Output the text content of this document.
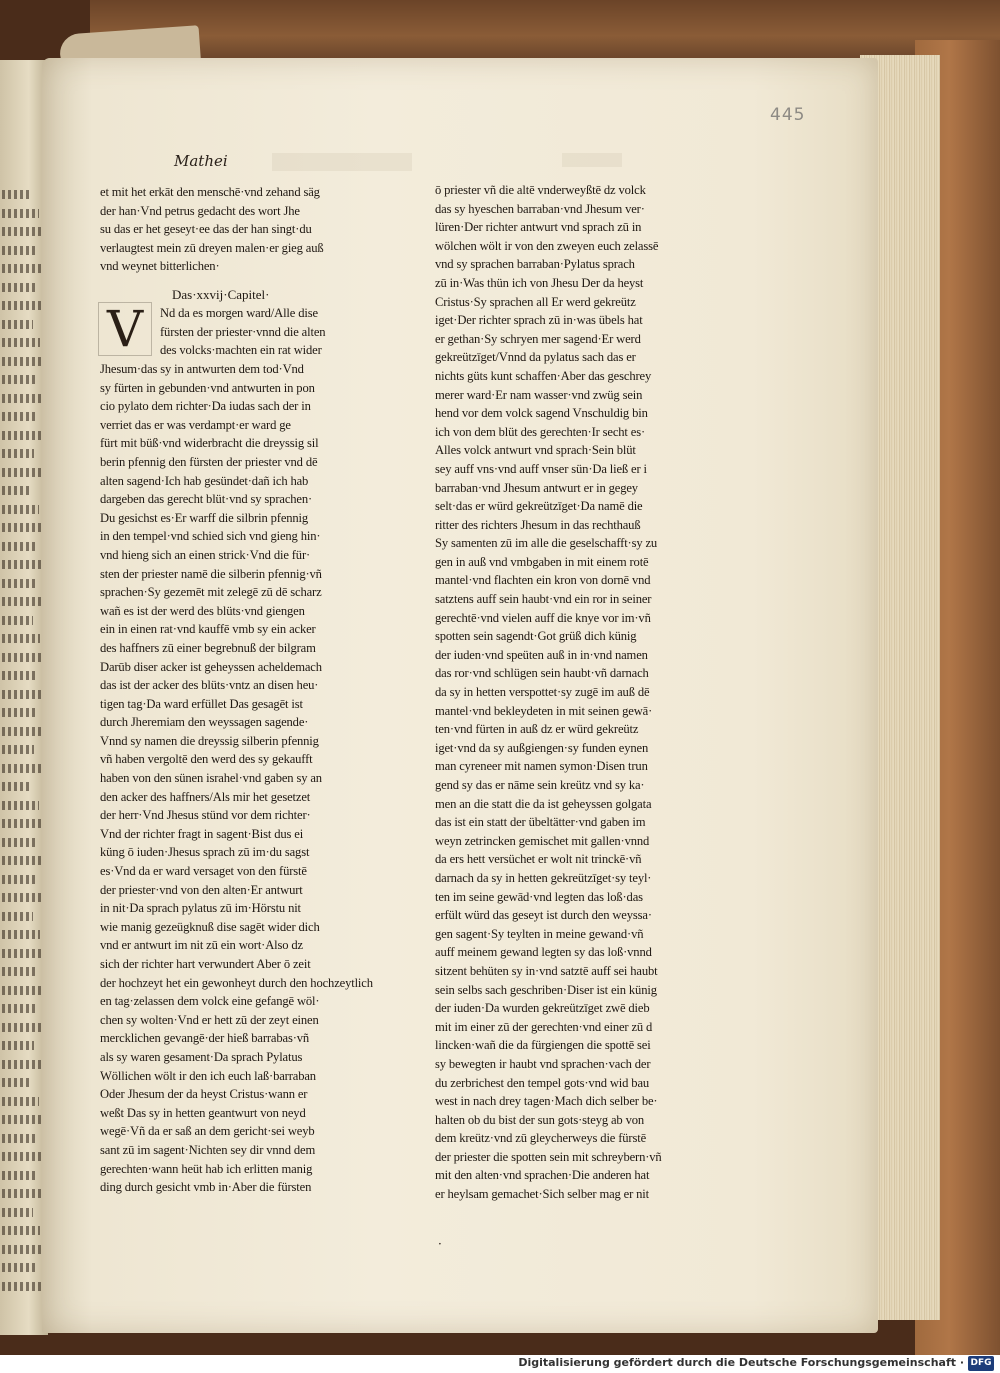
445
Mathei
et mit het erkāt den menschē·vnd zehand säg
der han·Vnd petrus gedacht des wort Jhe
su das er het geseyt·ee das der han singt·du
verlaugtest mein zū dreyen malen·er gieg auß
vnd weynet bitterlichen·
Das·xxvij·Capitel·
V	Nd da es morgen ward/Alle dise
fürsten der priester·vnnd die alten
des volcks·machten ein rat wider
Jhesum·das sy in antwurten dem tod·Vnd
sy fürten in gebunden·vnd antwurten in pon
cio pylato dem richter·Da iudas sach der in
verriet das er was verdampt·er ward ge
fürt mit büß·vnd widerbracht die dreyssig sil
berin pfennig den fürsten der priester vnd dē
alten sagend·Ich hab gesündet·dañ ich hab
dargeben das gerecht blüt·vnd sy sprachen·
Du gesichst es·Er warff die silbrin pfennig
in den tempel·vnd schied sich vnd gieng hin·
vnd hieng sich an einen strick·Vnd die für·
sten der priester namē die silberin pfennig·vñ
sprachen·Sy gezemēt mit zelegē zū dē scharz
wañ es ist der werd des blüts·vnd giengen
ein in einen rat·vnd kauffē vmb sy ein acker
des haffners zū einer begrebnuß der bilgram
Darūb diser acker ist geheyssen acheldemach
das ist der acker des blüts·vntz an disen heu·
tigen tag·Da ward erfüllet Das gesagēt ist
durch Jheremiam den weyssagen sagende·
Vnnd sy namen die dreyssig silberin pfennig
vñ haben vergoltē den werd des sy gekaufft
haben von den sünen israhel·vnd gaben sy an
den acker des haffners/Als mir het gesetzet
der herr·Vnd Jhesus stünd vor dem richter·
Vnd der richter fragt in sagent·Bist dus ei
küng ō iuden·Jhesus sprach zū im·du sagst
es·Vnd da er ward versaget von den fürstē
der priester·vnd von den alten·Er antwurt
in nit·Da sprach pylatus zū im·Hörstu nit
wie manig gezeügknuß dise sagēt wider dich
vnd er antwurt im nit zū ein wort·Also dz
sich der richter hart verwundert Aber ō zeit
der hochzeyt het ein gewonheyt durch den hochzeytlich
en tag·zelassen dem volck eine gefangē wöl·
chen sy wolten·Vnd er hett zū der zeyt einen
mercklichen gevangē·der hieß barrabas·vñ
als sy waren gesament·Da sprach Pylatus
Wöllichen wölt ir den ich euch laß·barraban
Oder Jhesum der da heyst Cristus·wann er
weßt Das sy in hetten geantwurt von neyd
wegē·Vñ da er saß an dem gericht·sei weyb
sant zū im sagent·Nichten sey dir vnnd dem
gerechten·wann heüt hab ich erlitten manig
ding durch gesicht vmb in·Aber die fürsten
ō priester vñ die altē vnderweyßtē dz volck
das sy hyeschen barraban·vnd Jhesum ver·
lüren·Der richter antwurt vnd sprach zū in
wölchen wölt ir von den zweyen euch zelassē
vnd sy sprachen barraban·Pylatus sprach
zū in·Was thün ich von Jhesu Der da heyst
Cristus·Sy sprachen all Er werd gekreütz
iget·Der richter sprach zū in·was übels hat
er gethan·Sy schryen mer sagend·Er werd
gekreützīget/Vnnd da pylatus sach das er
nichts güts kunt schaffen·Aber das geschrey
merer ward·Er nam wasser·vnd zwüg sein
hend vor dem volck sagend Vnschuldig bin
ich von dem blüt des gerechten·Ir secht es·
Alles volck antwurt vnd sprach·Sein blüt
sey auff vns·vnd auff vnser sün·Da ließ er i
barraban·vnd Jhesum antwurt er in gegey
selt·das er würd gekreützīget·Da namē die
ritter des richters Jhesum in das rechthauß
Sy samenten zū im alle die geselschafft·sy zu
gen in auß vnd vmbgaben in mit einem rotē
mantel·vnd flachten ein kron von dornē vnd
satztens auff sein haubt·vnd ein ror in seiner
gerechtē·vnd vielen auff die knye vor im·vñ
spotten sein sagendt·Got grüß dich künig
der iuden·vnd speüten auß in in·vnd namen
das ror·vnd schlügen sein haubt·vñ darnach
da sy in hetten verspottet·sy zugē im auß dē
mantel·vnd bekleydeten in mit seinen gewā·
ten·vnd fürten in auß dz er würd gekreütz
iget·vnd da sy außgiengen·sy funden eynen
man cyreneer mit namen symon·Disen trun
gend sy das er nāme sein kreütz vnd sy ka·
men an die statt die da ist geheyssen golgata
das ist ein statt der übeltätter·vnd gaben im
weyn zetrincken gemischet mit gallen·vnnd
da ers hett versüchet er wolt nit trinckē·vñ
darnach da sy in hetten gekreützīget·sy teyl·
ten im seine gewād·vnd legten das loß·das
erfült würd das geseyt ist durch den weyssa·
gen sagent·Sy teylten in meine gewand·vñ
auff meinem gewand legten sy das loß·vnnd
sitzent behüten sy in·vnd satztē auff sei haubt
sein selbs sach geschriben·Diser ist ein künig
der iuden·Da wurden gekreützīget zwē dieb
mit im einer zū der gerechten·vnd einer zū d
lincken·wañ die da fürgiengen die spottē sei
sy bewegten ir haubt vnd sprachen·vach der
du zerbrichest den tempel gots·vnd wid bau
west in nach drey tagen·Mach dich selber be·
halten ob du bist der sun gots·steyg ab von
dem kreütz·vnd zū gleycherweys die fürstē
der priester die spotten sein mit schreybern·vñ
mit den alten·vnd sprachen·Die anderen hat
er heylsam gemachet·Sich selber mag er nit
·
Digitalisierung gefördert durch die Deutsche Forschungsgemeinschaft · DFG
